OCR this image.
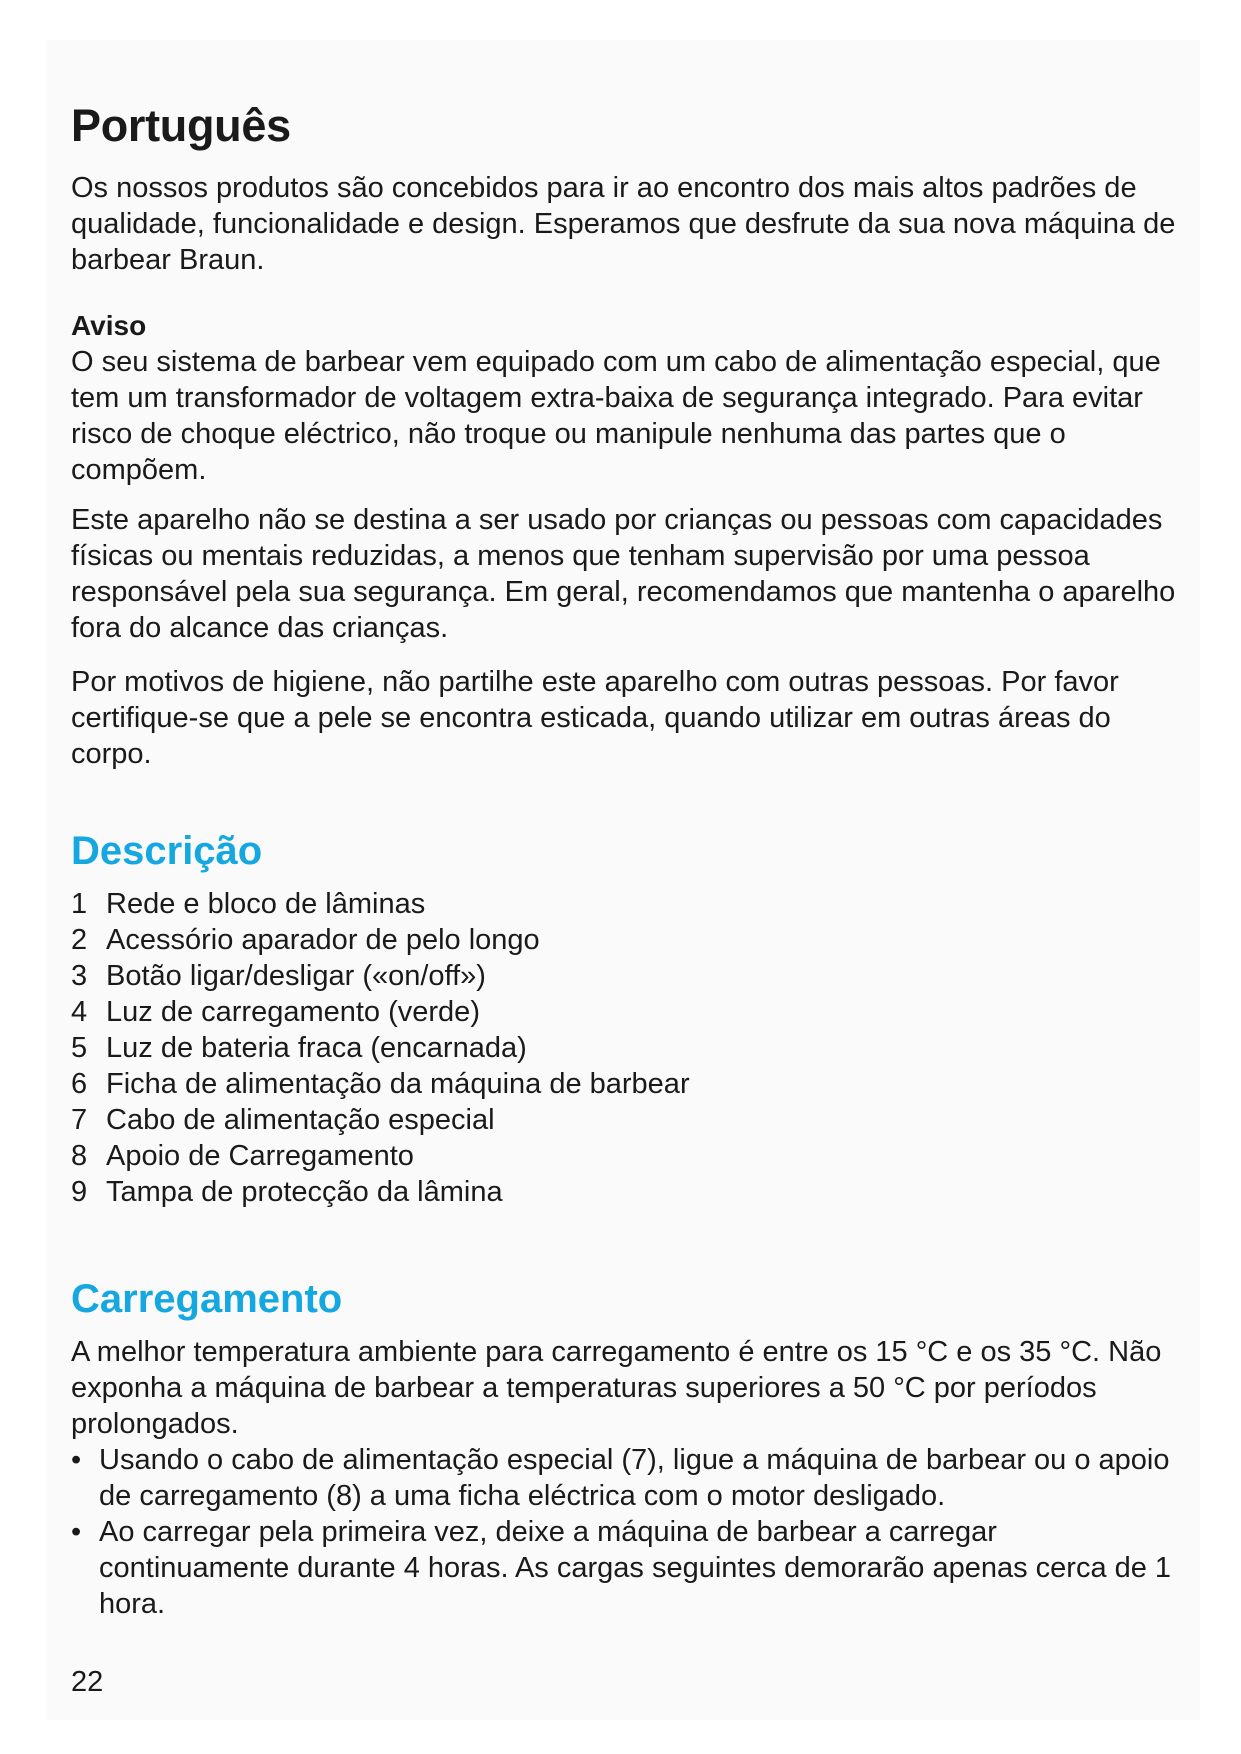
Português

Os nossos produtos são concebidos para ir ao encontro dos mais altos padrões de qualidade, funcionalidade e design. Esperamos que desfrute da sua nova máquina de barbear Braun.

Aviso

O seu sistema de barbear vem equipado com um cabo de alimentação especial, que tem um transformador de voltagem extra-baixa de segurança integrado. Para evitar risco de choque eléctrico, não troque ou manipule nenhuma das partes que o compõem.

Este aparelho não se destina a ser usado por crianças ou pessoas com capacidades físicas ou mentais reduzidas, a menos que tenham supervisão por uma pessoa responsável pela sua segurança. Em geral, recomendamos que mantenha o aparelho fora do alcance das crianças.

Por motivos de higiene, não partilhe este aparelho com outras pessoas. Por favor certifique-se que a pele se encontra esticada, quando utilizar em outras áreas do corpo.

Descrição
1 Rede e bloco de lâminas
2 Acessório aparador de pelo longo
3 Botão ligar/desligar («on/off»)
4 Luz de carregamento (verde)
5 Luz de bateria fraca (encarnada)
6 Ficha de alimentação da máquina de barbear
7 Cabo de alimentação especial
8 Apoio de Carregamento
9 Tampa de protecção da lâmina
Carregamento

A melhor temperatura ambiente para carregamento é entre os 15 °C e os 35 °C. Não exponha a máquina de barbear a temperaturas superiores a 50 °C por períodos prolongados.

• Usando o cabo de alimentação especial (7), ligue a máquina de barbear ou o apoio de carregamento (8) a uma ficha eléctrica com o motor desligado.
• Ao carregar pela primeira vez, deixe a máquina de barbear a carregar continuamente durante 4 horas. As cargas seguintes demorarão apenas cerca de 1 hora.
22
